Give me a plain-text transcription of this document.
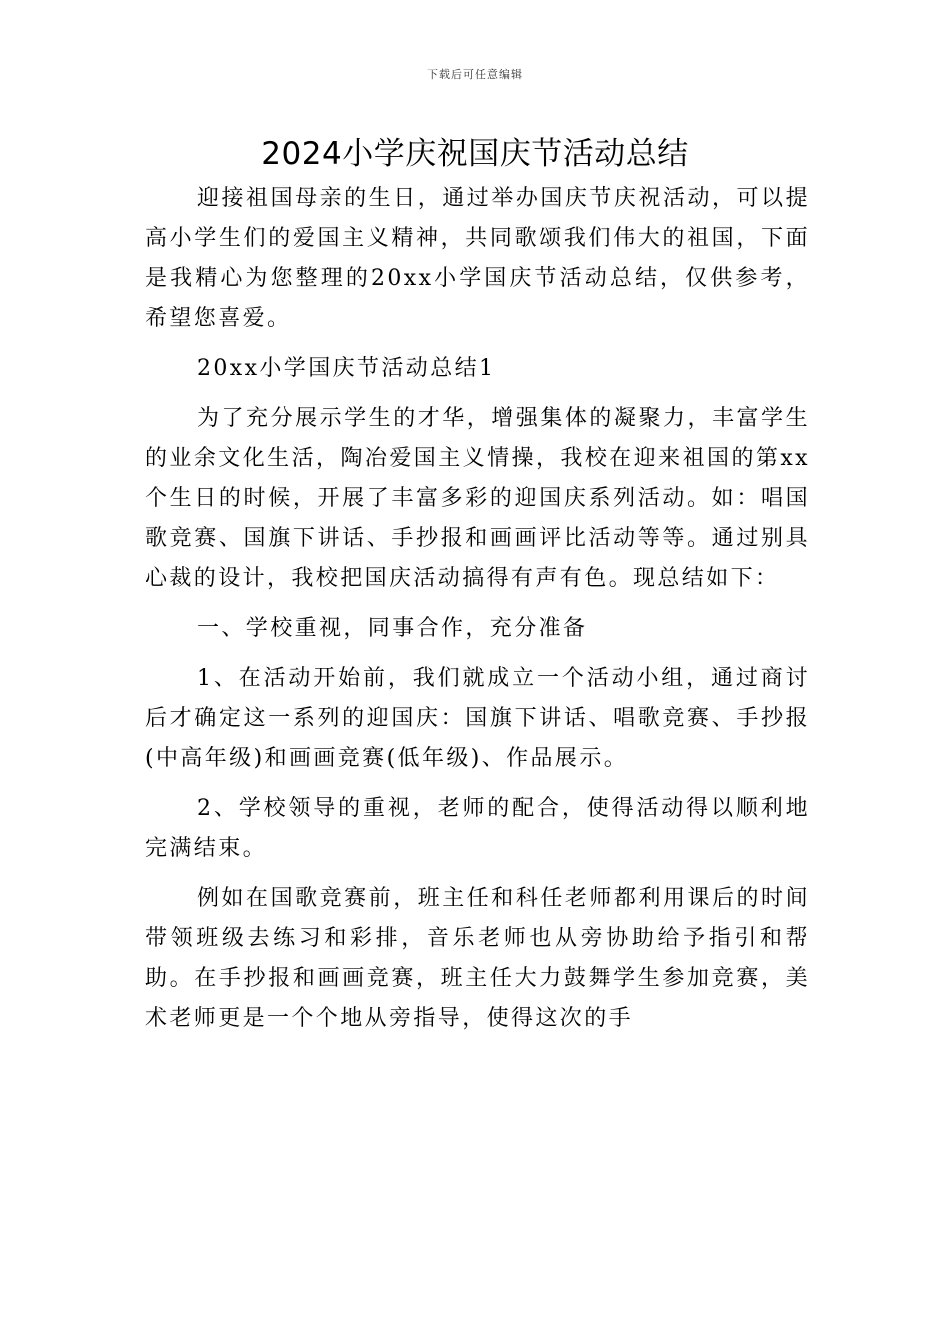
下载后可任意编辑
2024小学庆祝国庆节活动总结

迎接祖国母亲的生日，通过举办国庆节庆祝活动，可以提高小学生们的爱国主义精神，共同歌颂我们伟大的祖国，下面是我精心为您整理的20xx小学国庆节活动总结，仅供参考，希望您喜爱。

20xx小学国庆节活动总结1

为了充分展示学生的才华，增强集体的凝聚力，丰富学生的业余文化生活，陶冶爱国主义情操，我校在迎来祖国的第xx个生日的时候，开展了丰富多彩的迎国庆系列活动。如：唱国歌竞赛、国旗下讲话、手抄报和画画评比活动等等。通过别具心裁的设计，我校把国庆活动搞得有声有色。现总结如下：

一、学校重视，同事合作，充分准备

1、在活动开始前，我们就成立一个活动小组，通过商讨后才确定这一系列的迎国庆：国旗下讲话、唱歌竞赛、手抄报(中高年级)和画画竞赛(低年级)、作品展示。

2、学校领导的重视，老师的配合，使得活动得以顺利地完满结束。

例如在国歌竞赛前，班主任和科任老师都利用课后的时间带领班级去练习和彩排，音乐老师也从旁协助给予指引和帮助。在手抄报和画画竞赛，班主任大力鼓舞学生参加竞赛，美术老师更是一个个地从旁指导，使得这次的手
